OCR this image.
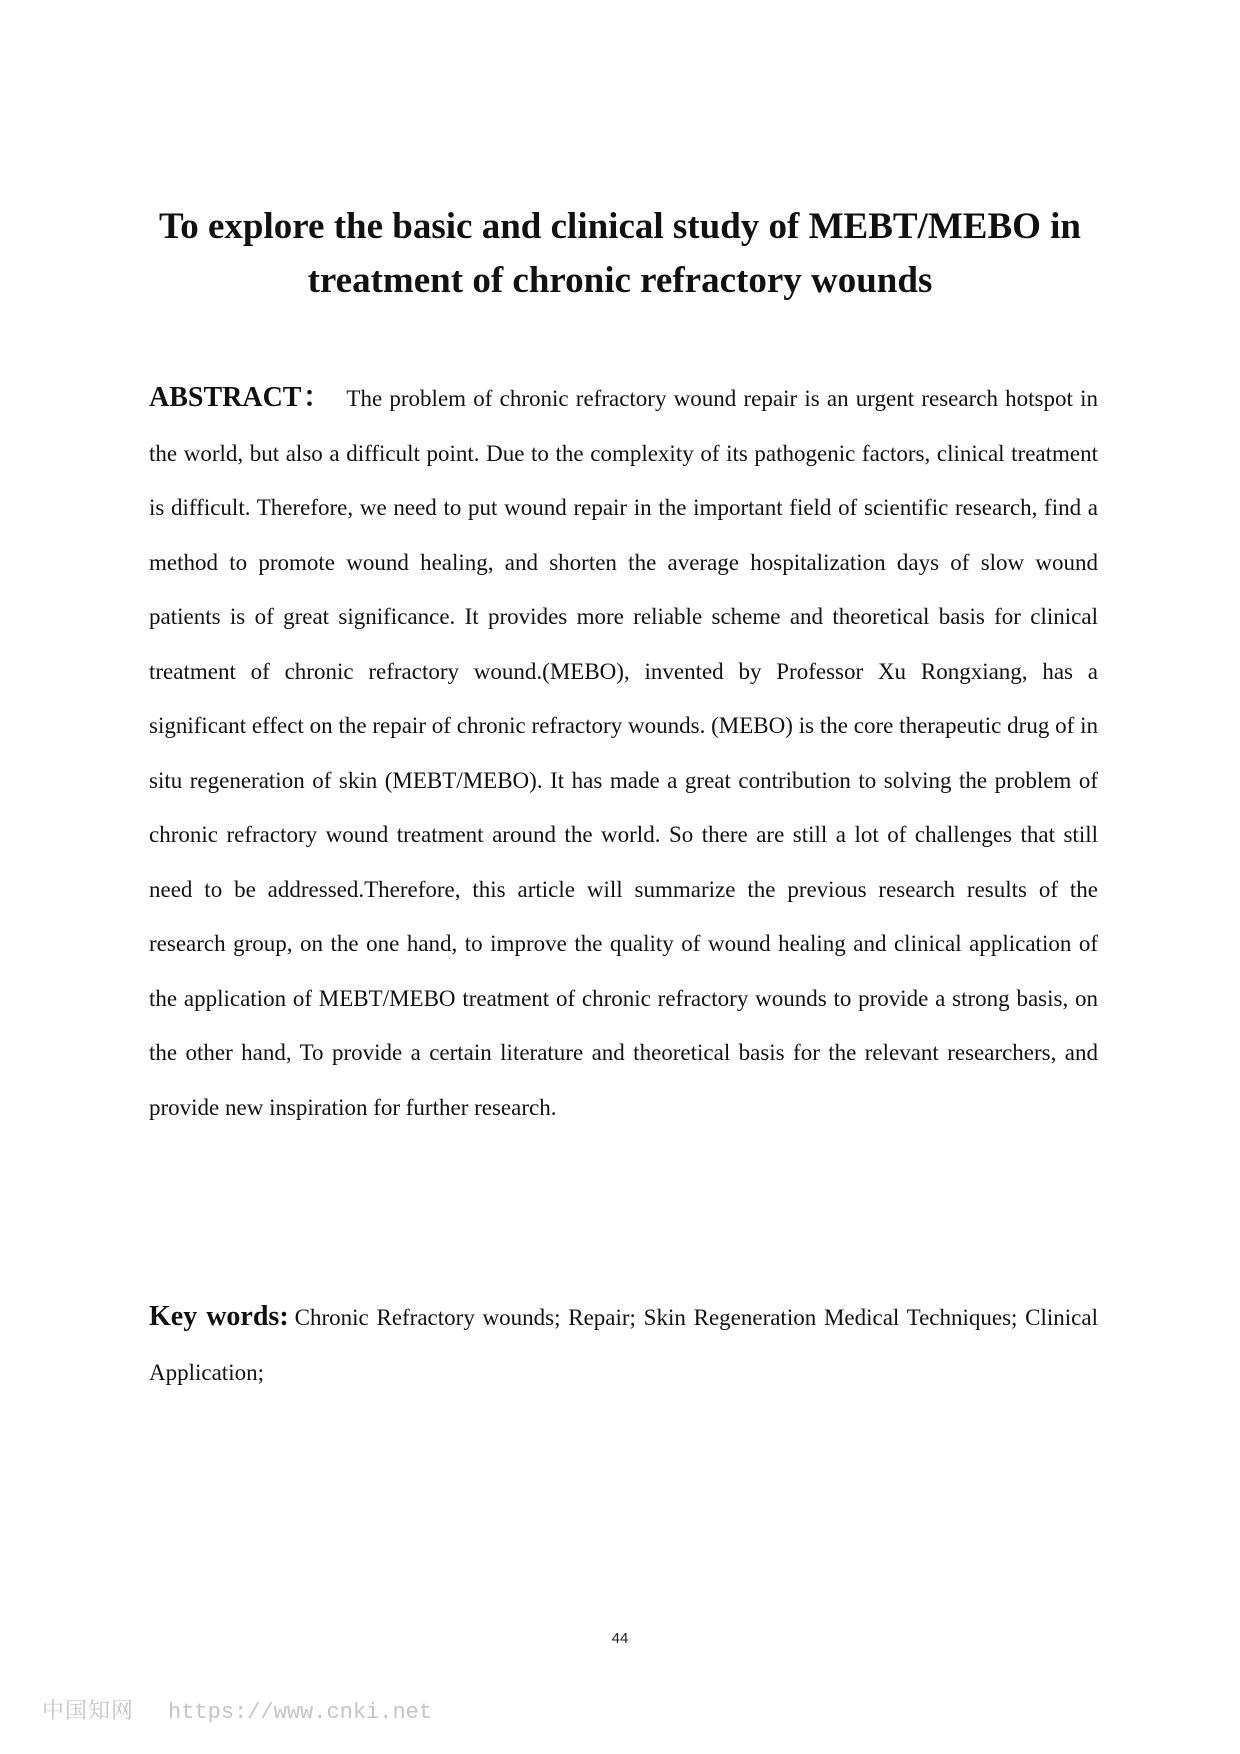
To explore the basic and clinical study of MEBT/MEBO in treatment of chronic refractory wounds

ABSTRACT： The problem of chronic refractory wound repair is an urgent research hotspot in the world, but also a difficult point. Due to the complexity of its pathogenic factors, clinical treatment is difficult. Therefore, we need to put wound repair in the important field of scientific research, find a method to promote wound healing, and shorten the average hospitalization days of slow wound patients is of great significance. It provides more reliable scheme and theoretical basis for clinical treatment of chronic refractory wound.(MEBO), invented by Professor Xu Rongxiang, has a significant effect on the repair of chronic refractory wounds. (MEBO) is the core therapeutic drug of in situ regeneration of skin (MEBT/MEBO). It has made a great contribution to solving the problem of chronic refractory wound treatment around the world. So there are still a lot of challenges that still need to be addressed.Therefore, this article will summarize the previous research results of the research group, on the one hand, to improve the quality of wound healing and clinical application of the application of MEBT/MEBO treatment of chronic refractory wounds to provide a strong basis, on the other hand, To provide a certain literature and theoretical basis for the relevant researchers, and provide new inspiration for further research.

Key words: Chronic Refractory wounds; Repair; Skin Regeneration Medical Techniques; Clinical Application;

44
中国知网 https://www.cnki.net
